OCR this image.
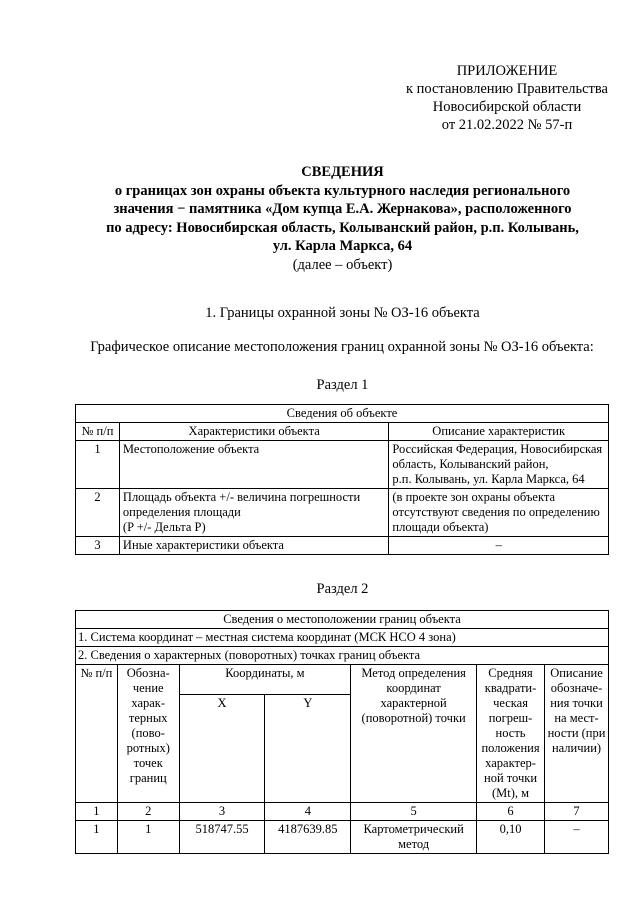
ПРИЛОЖЕНИЕ
к постановлению Правительства
Новосибирской области
от 21.02.2022 № 57-п
СВЕДЕНИЯ
о границах зон охраны объекта культурного наследия регионального
значения − памятника «Дом купца Е.А. Жернакова», расположенного
по адресу: Новосибирская область, Колыванский район, р.п. Колывань,
ул. Карла Маркса, 64
(далее – объект)
1. Границы охранной зоны № ОЗ-16 объекта
Графическое описание местоположения границ охранной зоны № ОЗ-16 объекта:
Раздел 1
Сведения об объекте		
№ п/п	Характеристики объекта	Описание характеристик
1	Местоположение объекта	Российская Федерация, Новосибирская область, Колыванский район,
р.п. Колывань, ул. Карла Маркса, 64

2	Площадь объекта +/- величина погрешности определения площади
(P +/- Дельта P)	(в проекте зон охраны объекта отсутствуют сведения по определению площади объекта)
3	Иные характеристики объекта	–
Раздел 2
Сведения о местоположении границ объекта						
1. Система координат – местная система координат (МСК НСО 4 зона)						
2. Сведения о характерных (поворотных) точках границ объекта						
№ п/п	Обозна-чение харак-терных (пово-ротных) точек границ	Координаты, м		Метод определения координат характерной (поворотной) точки	Средняя квадрати-ческая погреш-ность положения характер-ной точки (Mt), м	Описание обозначе-ния точки на мест-ности (при наличии)
		X	Y			
1	2	3	4	5	6	7
1	1	518747.55	4187639.85	Картометрический метод	0,10	–
